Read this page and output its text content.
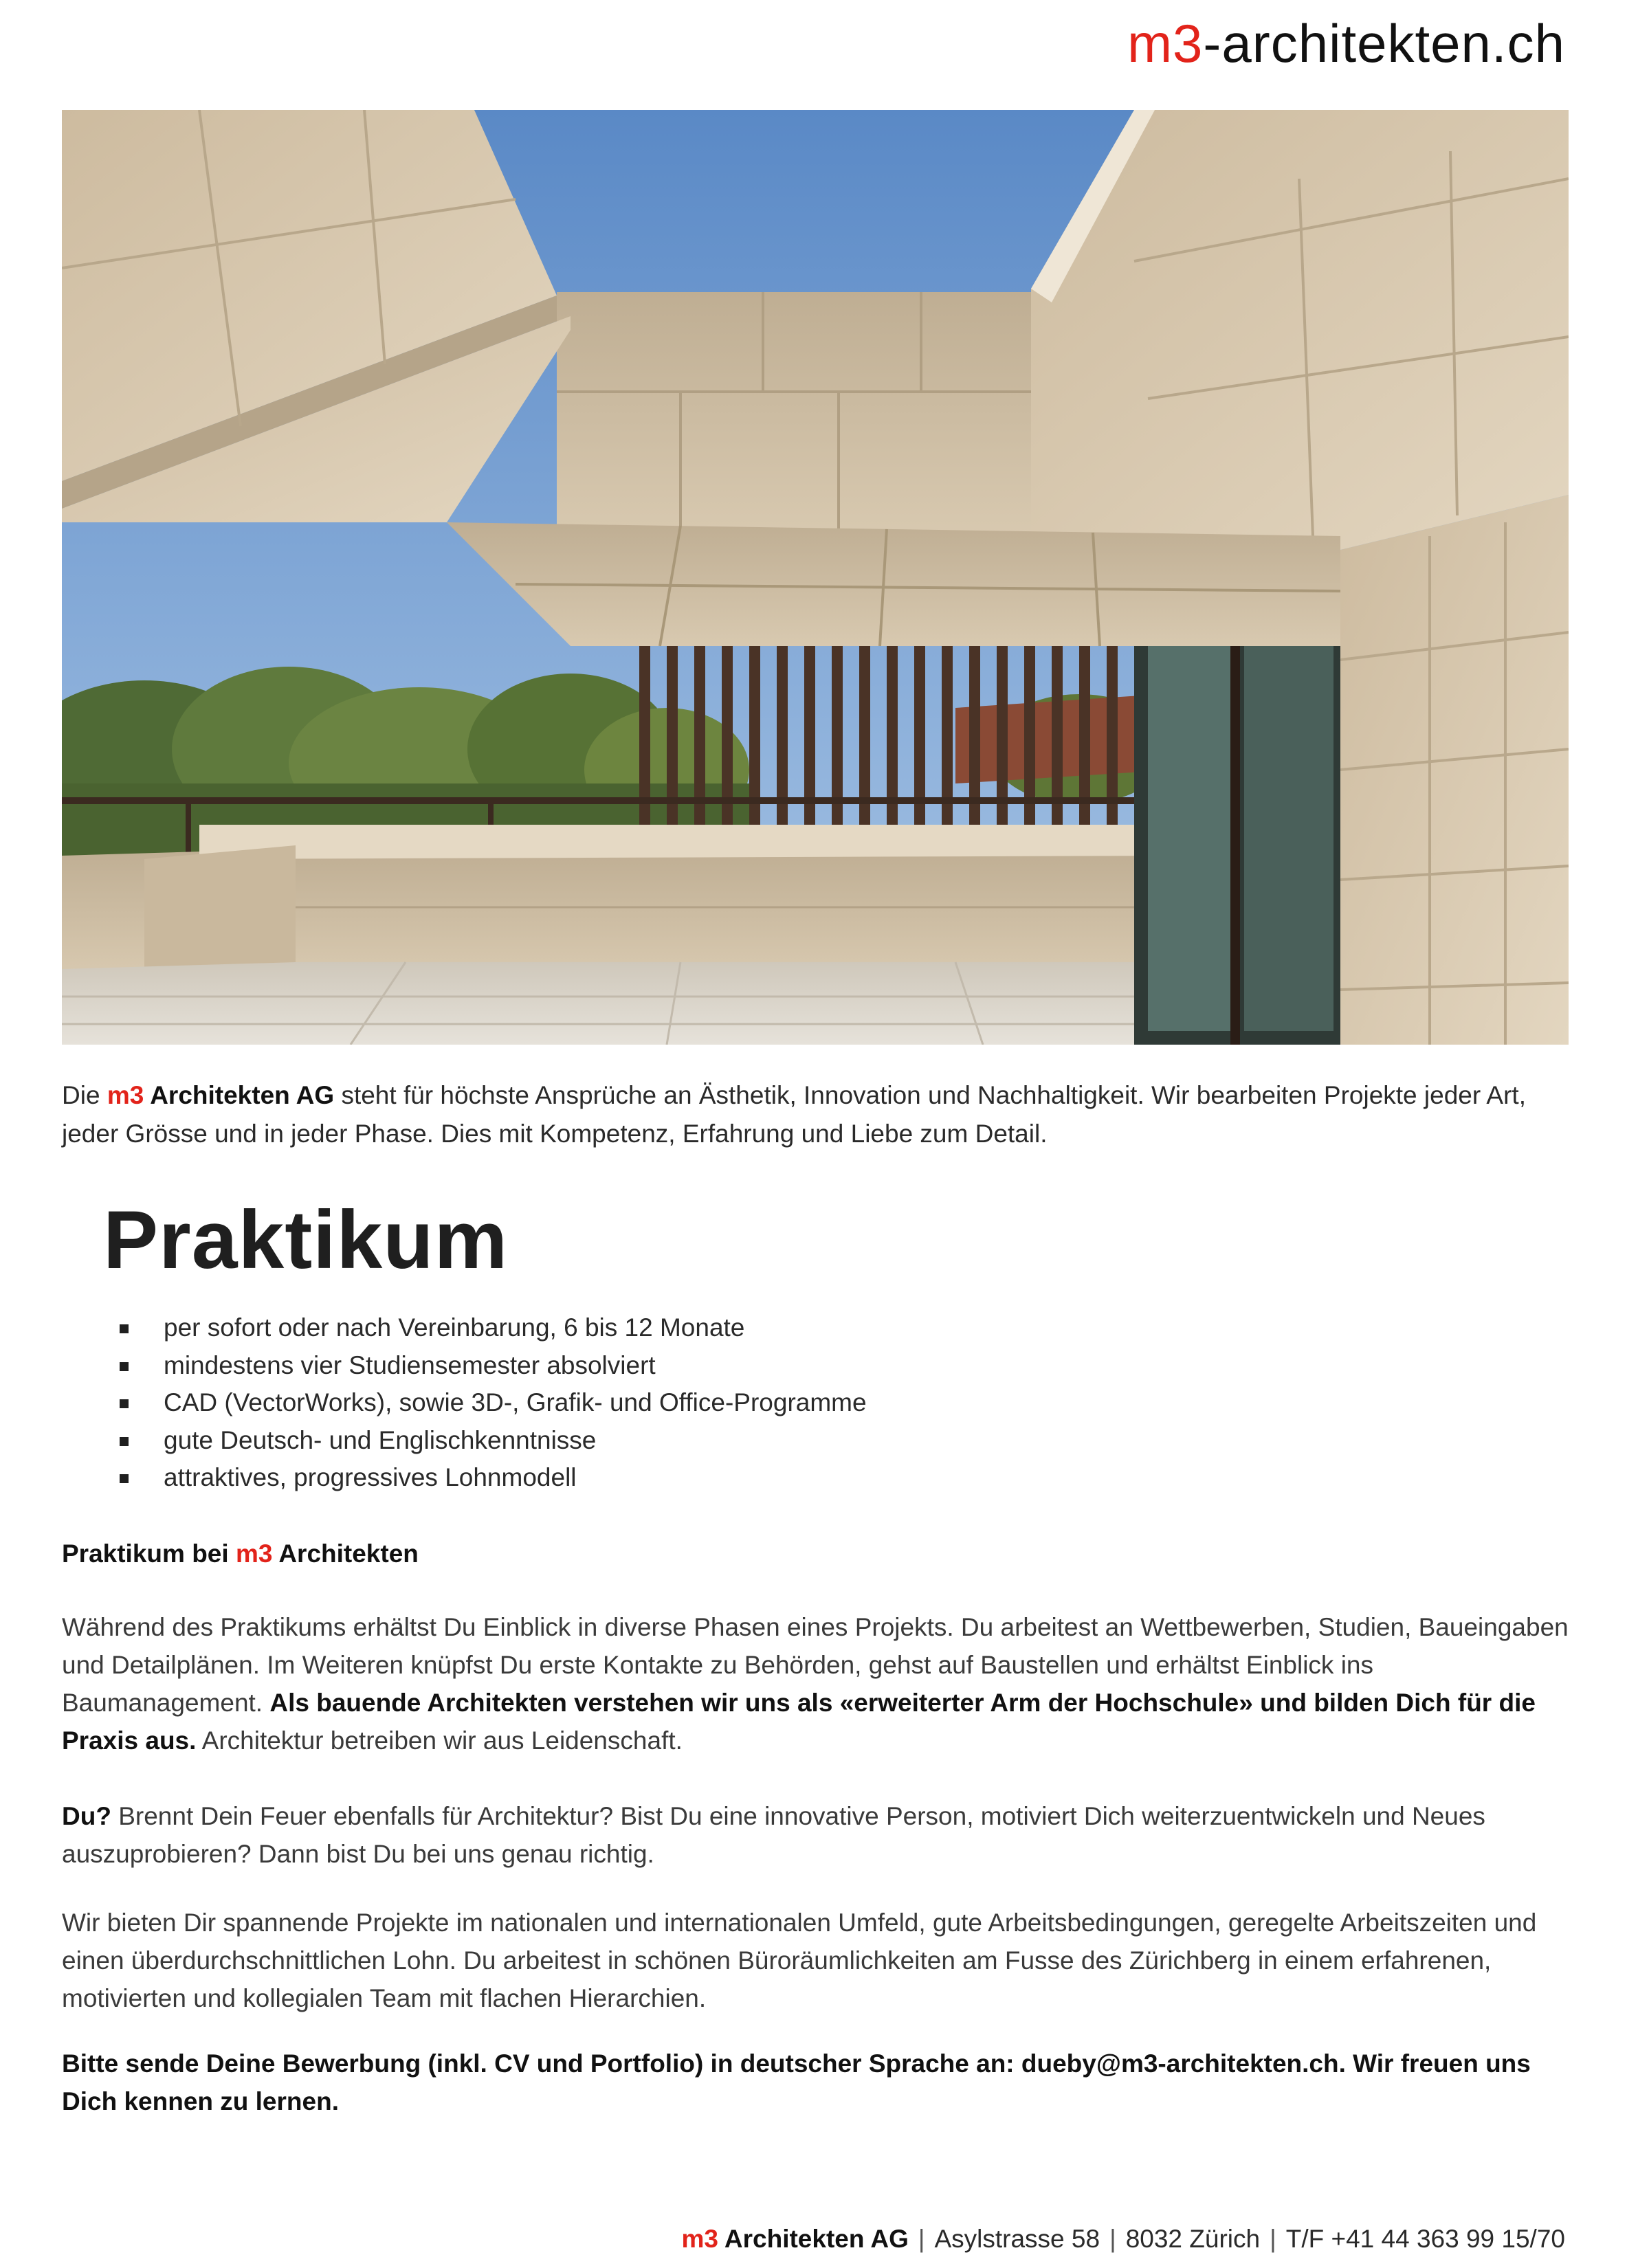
m3-architekten.ch
Die m3 Architekten AG steht für höchste Ansprüche an Ästhetik, Innovation und Nachhaltigkeit. Wir bearbeiten Projekte jeder Art, jeder Grösse und in jeder Phase. Dies mit Kompetenz, Erfahrung und Liebe zum Detail.
Praktikum
per sofort oder nach Vereinbarung, 6 bis 12 Monate
mindestens vier Studiensemester absolviert
CAD (VectorWorks), sowie 3D-, Grafik- und Office-Programme
gute Deutsch- und Englischkenntnisse
attraktives, progressives Lohnmodell
Praktikum bei m3 Architekten
Während des Praktikums erhältst Du Einblick in diverse Phasen eines Projekts. Du arbeitest an Wettbewerben, Studien, Baueingaben und Detailplänen. Im Weiteren knüpfst Du erste Kontakte zu Behörden, gehst auf Baustellen und erhältst Einblick ins Baumanagement. Als bauende Architekten verstehen wir uns als «erweiterter Arm der Hochschule» und bilden Dich für die Praxis aus. Architektur betreiben wir aus Leidenschaft.
Du? Brennt Dein Feuer ebenfalls für Architektur? Bist Du eine innovative Person, motiviert Dich weiterzuentwickeln und Neues auszuprobieren? Dann bist Du bei uns genau richtig.
Wir bieten Dir spannende Projekte im nationalen und internationalen Umfeld, gute Arbeitsbedingungen, geregelte Arbeitszeiten und einen überdurchschnittlichen Lohn. Du arbeitest in schönen Büroräumlichkeiten am Fusse des Zürichberg in einem erfahrenen, motivierten und kollegialen Team mit flachen Hierarchien.
Bitte sende Deine Bewerbung (inkl. CV und Portfolio) in deutscher Sprache an: dueby@m3-architekten.ch. Wir freuen uns Dich kennen zu lernen.
m3 Architekten AG | Asylstrasse 58 | 8032 Zürich | T/F +41 44 363 99 15/70
